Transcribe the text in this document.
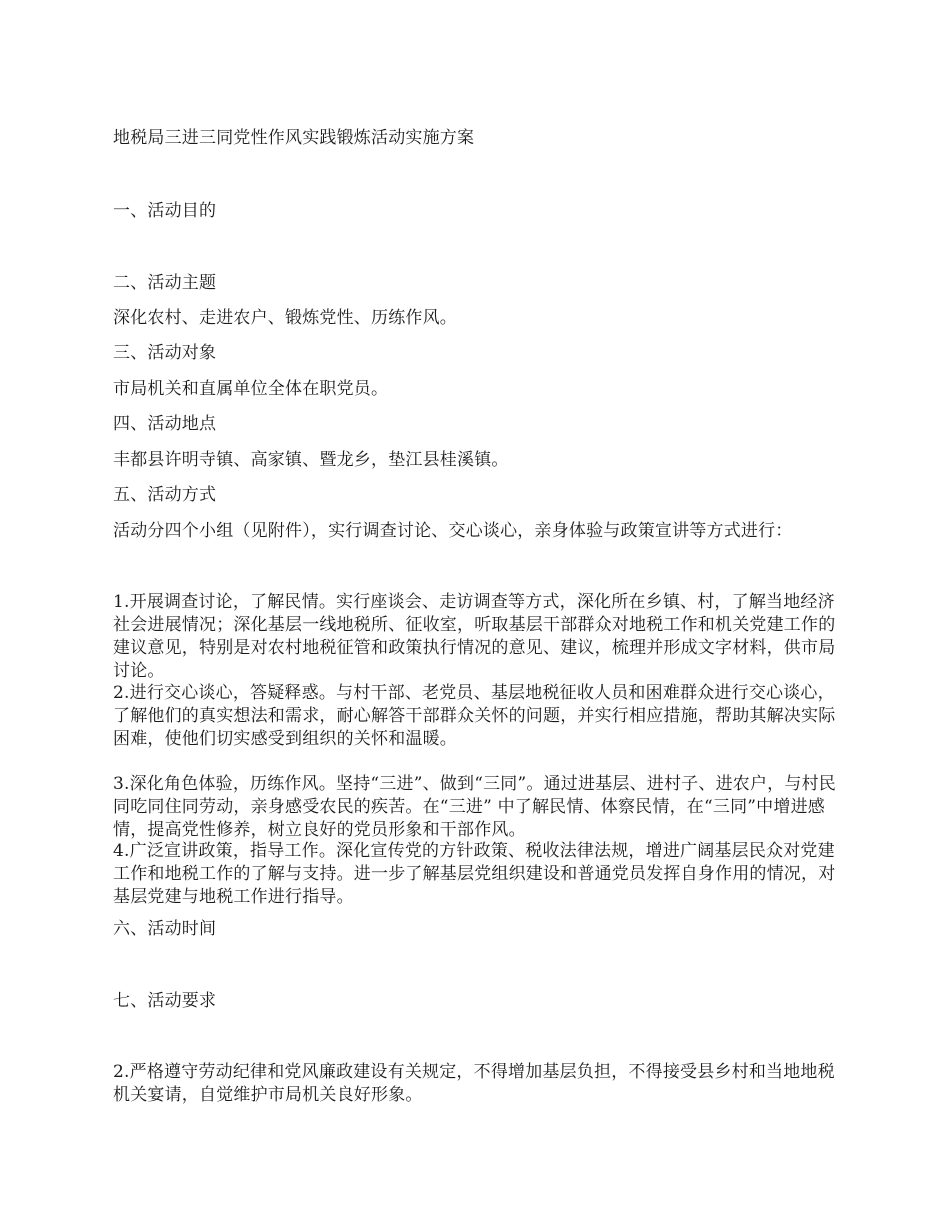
地税局三进三同党性作风实践锻炼活动实施方案

一、活动目的

二、活动主题

深化农村、走进农户、锻炼党性、历练作风。

三、活动对象

市局机关和直属单位全体在职党员。

四、活动地点

丰都县许明寺镇、高家镇、暨龙乡，垫江县桂溪镇。

五、活动方式

活动分四个小组（见附件），实行调查讨论、交心谈心，亲身体验与政策宣讲等方式进行：

1.开展调查讨论，了解民情。实行座谈会、走访调查等方式，深化所在乡镇、村，了解当地经济社会进展情况；深化基层一线地税所、征收室，听取基层干部群众对地税工作和机关党建工作的建议意见，特别是对农村地税征管和政策执行情况的意见、建议，梳理并形成文字材料，供市局讨论。

2.进行交心谈心，答疑释惑。与村干部、老党员、基层地税征收人员和困难群众进行交心谈心，了解他们的真实想法和需求，耐心解答干部群众关怀的问题，并实行相应措施，帮助其解决实际困难，使他们切实感受到组织的关怀和温暖。

3.深化角色体验，历练作风。坚持“三进”、做到“三同”。通过进基层、进村子、进农户，与村民同吃同住同劳动，亲身感受农民的疾苦。在“三进” 中了解民情、体察民情，在“三同”中增进感情，提高党性修养，树立良好的党员形象和干部作风。

4.广泛宣讲政策，指导工作。深化宣传党的方针政策、税收法律法规，增进广阔基层民众对党建工作和地税工作的了解与支持。进一步了解基层党组织建设和普通党员发挥自身作用的情况，对基层党建与地税工作进行指导。

六、活动时间

七、活动要求

2.严格遵守劳动纪律和党风廉政建设有关规定，不得增加基层负担，不得接受县乡村和当地地税机关宴请，自觉维护市局机关良好形象。
